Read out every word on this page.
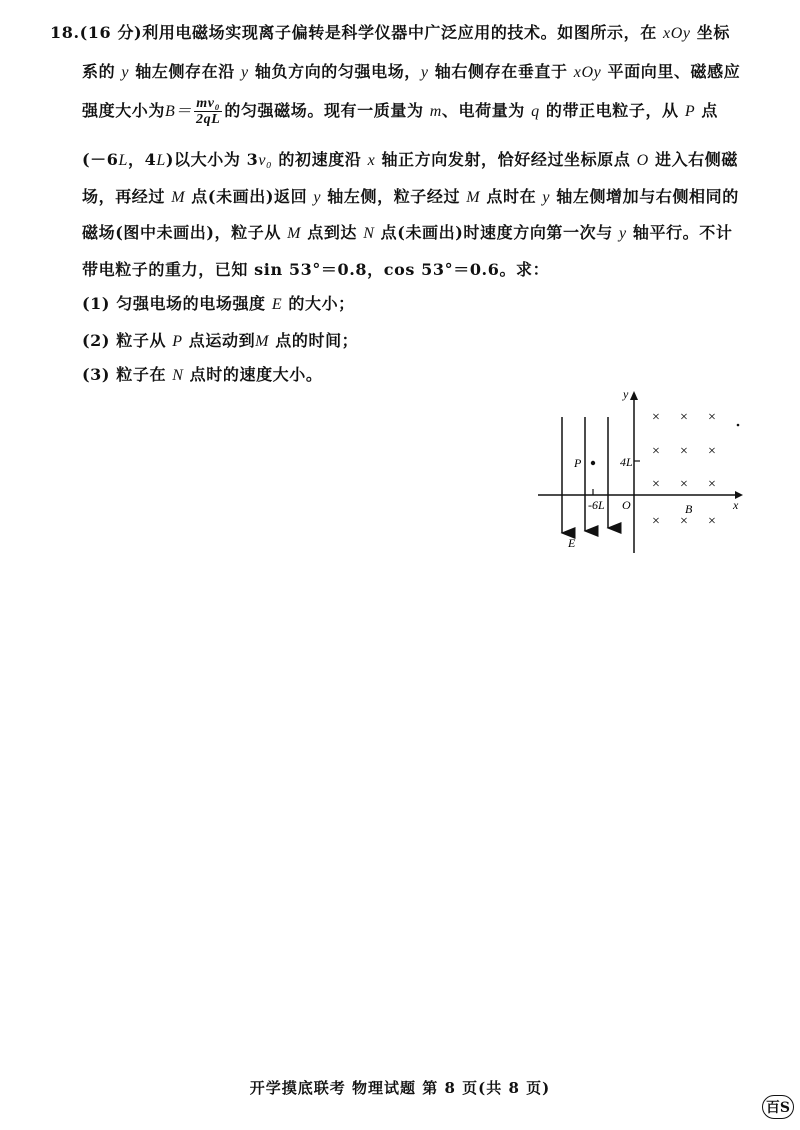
18.(16 分)利用电磁场实现离子偏转是科学仪器中广泛应用的技术。如图所示，在 xOy 坐标
系的 y 轴左侧存在沿 y 轴负方向的匀强电场，y 轴右侧存在垂直于 xOy 平面向里、磁感应
强度大小为$B= \frac{\text{mv₀}}{2qL}$ 的匀强磁场。现有一质量为 m、电荷量为 q 的带正电粒子，从 P 点
(－6L，4L)以大小为 3v₀ 的初速度沿 x 轴正方向发射，恰好经过坐标原点 O 进入右侧磁
场，再经过 M 点(未画出)返回 y 轴左侧，粒子经过 M 点时在 y 轴左侧增加与右侧相同的
磁场(图中未画出)，粒子从 M 点到达 N 点(未画出)时速度方向第一次与 y 轴平行。不计
带电粒子的重力，已知 sin 53°＝0.8，cos 53°＝0.6。求：
(1) 匀强电场的电场强度 E 的大小；
(2) 粒子从 P 点运动到M 点的时间；
(3) 粒子在 N 点时的速度大小。
x
y
4L
P
-6L O
E
B
× × ×
× × ×
× × ×
× × ×
开学摸底联考 物理试题 第 8 页(共 8 页)
百S
